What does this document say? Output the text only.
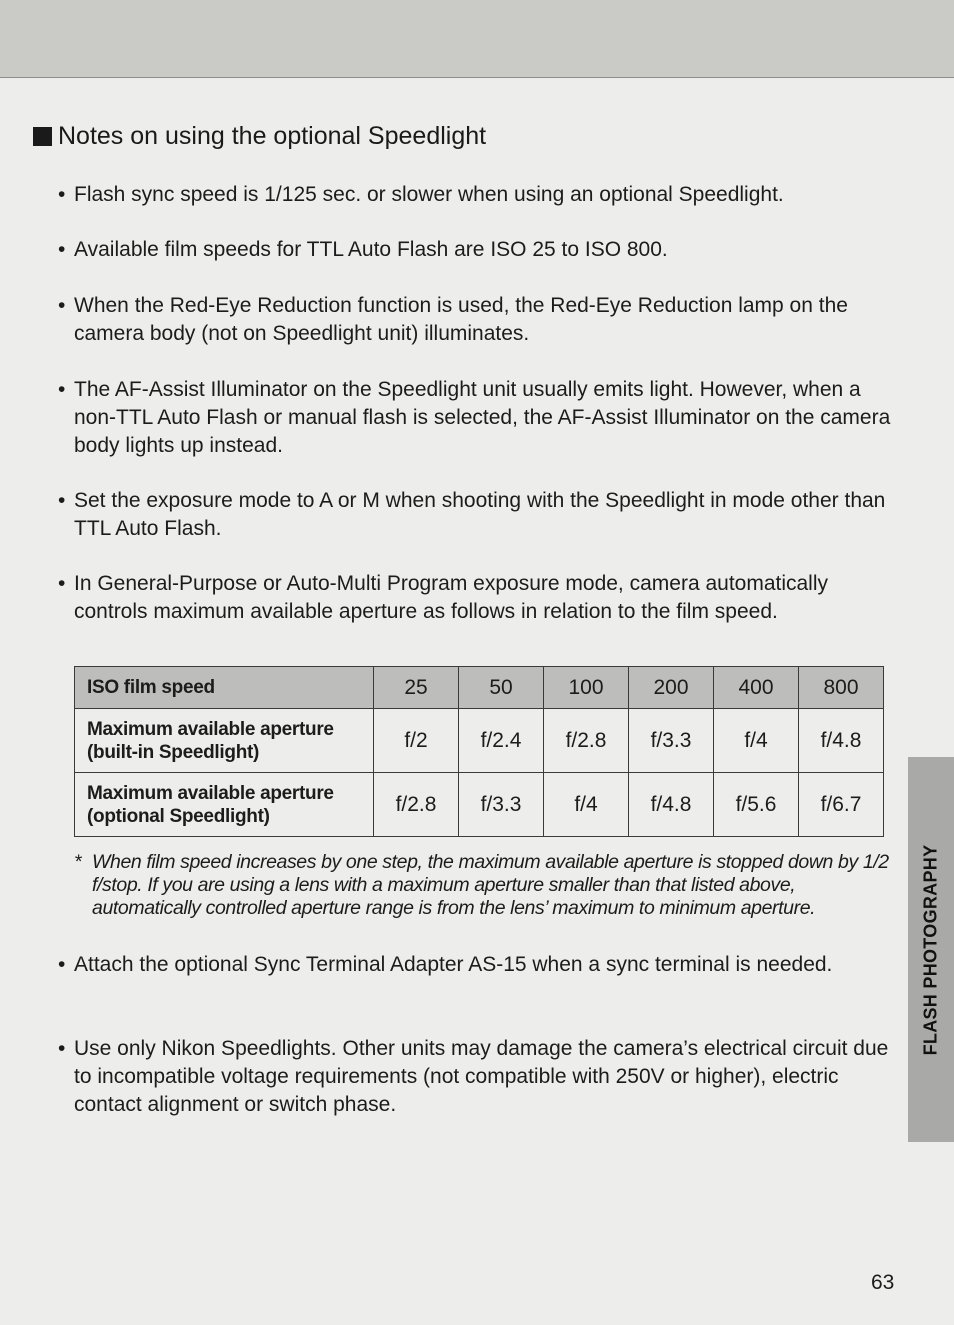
Notes on using the optional Speedlight
• Flash sync speed is 1/125 sec. or slower when using an optional Speedlight.
• Available film speeds for TTL Auto Flash are ISO 25 to ISO 800.
• When the Red-Eye Reduction function is used, the Red-Eye Reduction lamp on the camera body (not on Speedlight unit) illuminates.
• The AF-Assist Illuminator on the Speedlight unit usually emits light. However, when a non-TTL Auto Flash or manual flash is selected, the AF-Assist Illuminator on the camera body lights up instead.
• Set the exposure mode to A or M when shooting with the Speedlight in mode other than TTL Auto Flash.
• In General-Purpose or Auto-Multi Program exposure mode, camera automatically controls maximum available aperture as follows in relation to the film speed.
ISO film speed	25	50	100	200	400	800
Maximum available aperture
(built-in Speedlight)	f/2	f/2.4	f/2.8	f/3.3	f/4	f/4.8
Maximum available aperture
(optional Speedlight)	f/2.8	f/3.3	f/4	f/4.8	f/5.6	f/6.7
* When film speed increases by one step, the maximum available aperture is stopped down by 1/2 f/stop. If you are using a lens with a maximum aperture smaller than that listed above, automatically controlled aperture range is from the lens’ maximum to minimum aperture.
• Attach the optional Sync Terminal Adapter AS-15 when a sync terminal is needed.
• Use only Nikon Speedlights. Other units may damage the camera’s electrical circuit due to incompatible voltage requirements (not compatible with 250V or higher), electric contact alignment or switch phase.
FLASH PHOTOGRAPHY
63
